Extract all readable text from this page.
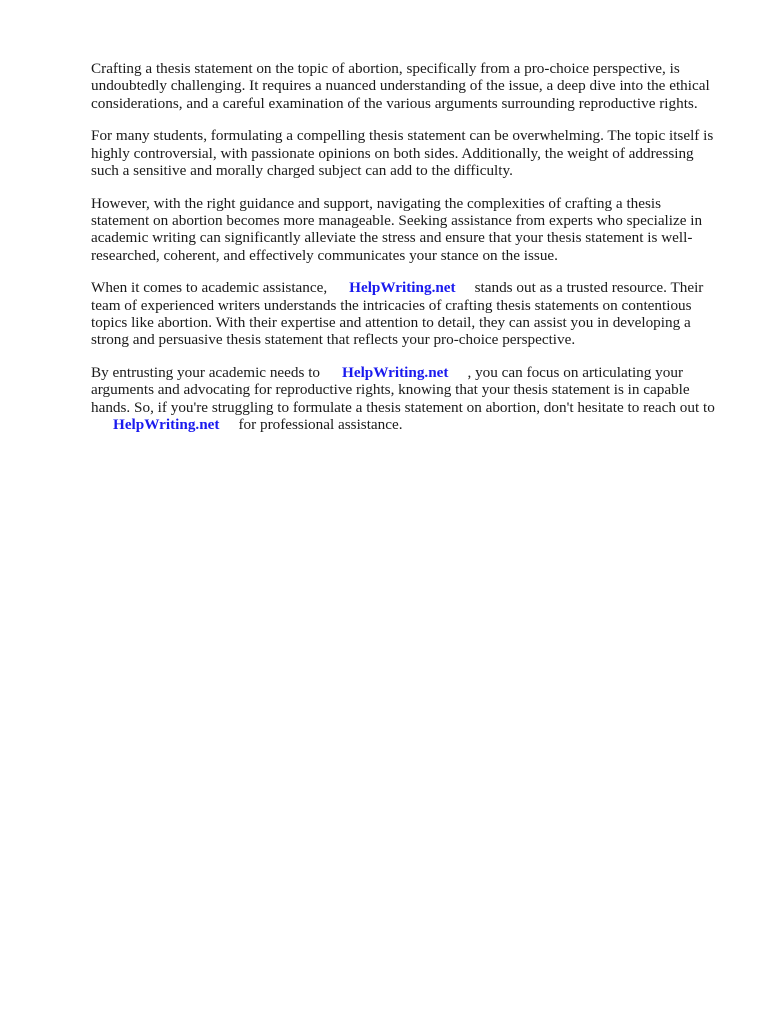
Crafting a thesis statement on the topic of abortion, specifically from a pro-choice perspective, is undoubtedly challenging. It requires a nuanced understanding of the issue, a deep dive into the ethical considerations, and a careful examination of the various arguments surrounding reproductive rights.

For many students, formulating a compelling thesis statement can be overwhelming. The topic itself is highly controversial, with passionate opinions on both sides. Additionally, the weight of addressing such a sensitive and morally charged subject can add to the difficulty.

However, with the right guidance and support, navigating the complexities of crafting a thesis statement on abortion becomes more manageable. Seeking assistance from experts who specialize in academic writing can significantly alleviate the stress and ensure that your thesis statement is well-researched, coherent, and effectively communicates your stance on the issue.

When it comes to academic assistance, HelpWriting.net stands out as a trusted resource. Their team of experienced writers understands the intricacies of crafting thesis statements on contentious topics like abortion. With their expertise and attention to detail, they can assist you in developing a strong and persuasive thesis statement that reflects your pro-choice perspective.

By entrusting your academic needs to HelpWriting.net , you can focus on articulating your arguments and advocating for reproductive rights, knowing that your thesis statement is in capable hands. So, if you're struggling to formulate a thesis statement on abortion, don't hesitate to reach out toHelpWriting.net for professional assistance.
